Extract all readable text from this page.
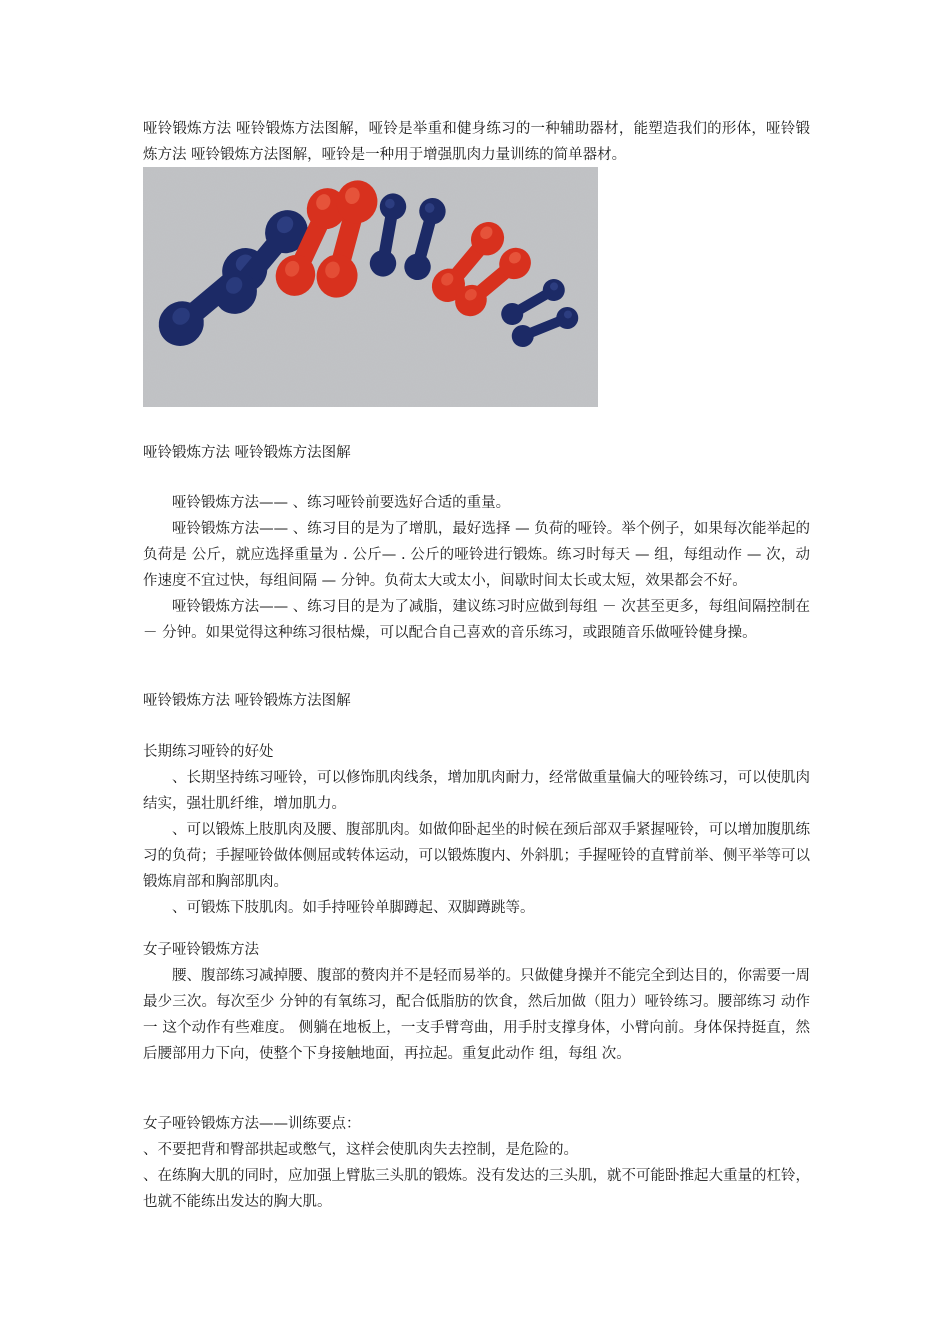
哑铃锻炼方法 哑铃锻炼方法图解，哑铃是举重和健身练习的一种辅助器材，能塑造我们的形体，哑铃锻炼方法 哑铃锻炼方法图解，哑铃是一种用于增强肌肉力量训练的简单器材。

哑铃锻炼方法 哑铃锻炼方法图解

哑铃锻炼方法—— 、练习哑铃前要选好合适的重量。

哑铃锻炼方法—— 、练习目的是为了增肌，最好选择 — 负荷的哑铃。举个例子，如果每次能举起的负荷是 公斤，就应选择重量为 . 公斤— . 公斤的哑铃进行锻炼。练习时每天 — 组，每组动作 — 次，动作速度不宜过快，每组间隔 — 分钟。负荷太大或太小，间歇时间太长或太短，效果都会不好。

哑铃锻炼方法—— 、练习目的是为了减脂，建议练习时应做到每组 － 次甚至更多，每组间隔控制在 － 分钟。如果觉得这种练习很枯燥，可以配合自己喜欢的音乐练习，或跟随音乐做哑铃健身操。

哑铃锻炼方法 哑铃锻炼方法图解

长期练习哑铃的好处

、长期坚持练习哑铃，可以修饰肌肉线条，增加肌肉耐力，经常做重量偏大的哑铃练习，可以使肌肉结实，强壮肌纤维，增加肌力。

、可以锻炼上肢肌肉及腰、腹部肌肉。如做仰卧起坐的时候在颈后部双手紧握哑铃，可以增加腹肌练习的负荷；手握哑铃做体侧屈或转体运动，可以锻炼腹内、外斜肌；手握哑铃的直臂前举、侧平举等可以锻炼肩部和胸部肌肉。

、可锻炼下肢肌肉。如手持哑铃单脚蹲起、双脚蹲跳等。

女子哑铃锻炼方法

腰、腹部练习减掉腰、腹部的赘肉并不是轻而易举的。只做健身操并不能完全到达目的，你需要一周最少三次。每次至少 分钟的有氧练习，配合低脂肪的饮食，然后加做（阻力）哑铃练习。腰部练习 动作一 这个动作有些难度。 侧躺在地板上，一支手臂弯曲，用手肘支撑身体，小臂向前。身体保持挺直，然后腰部用力下向，使整个下身接触地面，再拉起。重复此动作 组，每组 次。

女子哑铃锻炼方法——训练要点：

、不要把背和臀部拱起或憋气，这样会使肌肉失去控制，是危险的。

、在练胸大肌的同时，应加强上臂肱三头肌的锻炼。没有发达的三头肌，就不可能卧推起大重量的杠铃，也就不能练出发达的胸大肌。
